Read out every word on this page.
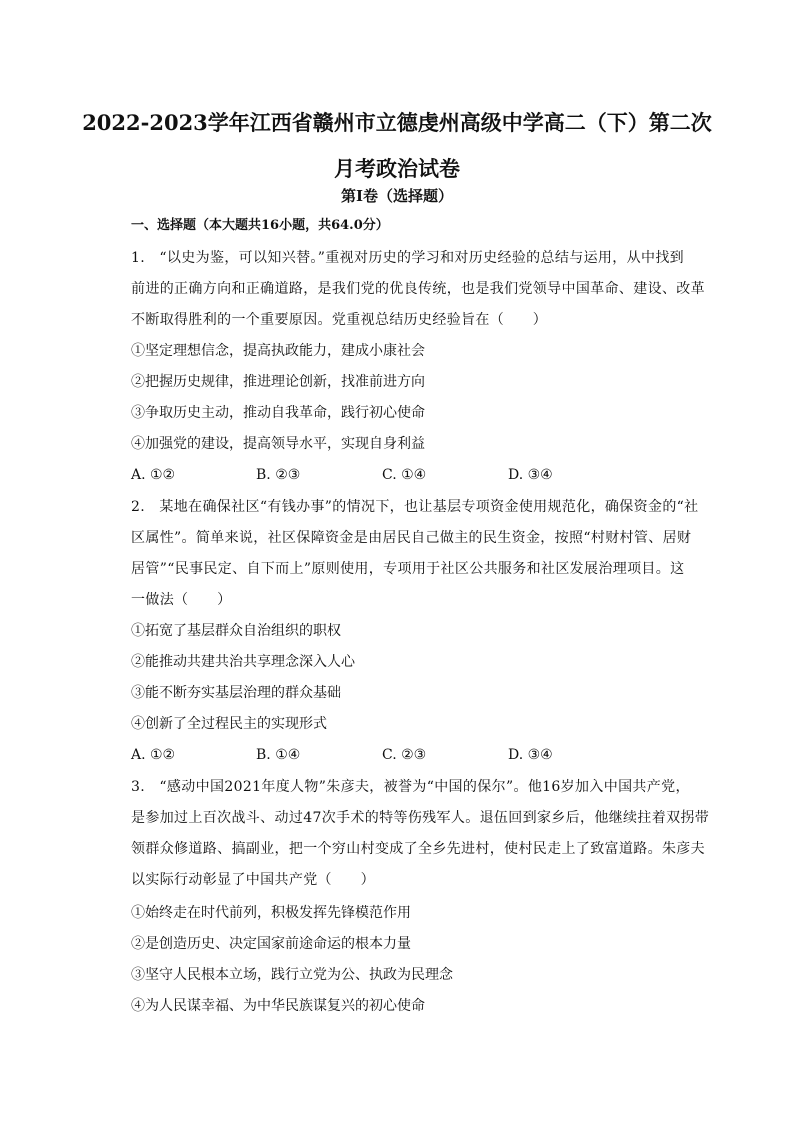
2022-2023学年江西省赣州市立德虔州高级中学高二（下）第二次月考政治试卷
第Ⅰ卷（选择题）
一、选择题（本大题共16小题，共64.0分）
1.　“以史为鉴，可以知兴替。”重视对历史的学习和对历史经验的总结与运用，从中找到
前进的正确方向和正确道路，是我们党的优良传统，也是我们党领导中国革命、建设、改革
不断取得胜利的一个重要原因。党重视总结历史经验旨在（　　）
①坚定理想信念，提高执政能力，建成小康社会
②把握历史规律，推进理论创新，找准前进方向
③争取历史主动，推动自我革命，践行初心使命
④加强党的建设，提高领导水平，实现自身利益
A. ①②	B. ②③	C. ①④	D. ③④
2.　某地在确保社区“有钱办事”的情况下，也让基层专项资金使用规范化，确保资金的“社
区属性”。简单来说，社区保障资金是由居民自己做主的民生资金，按照“村财村管、居财
居管”“民事民定、自下而上”原则使用，专项用于社区公共服务和社区发展治理项目。这
一做法（　　）
①拓宽了基层群众自治组织的职权
②能推动共建共治共享理念深入人心
③能不断夯实基层治理的群众基础
④创新了全过程民主的实现形式
A. ①②	B. ①④	C. ②③	D. ③④
3.　“感动中国2021年度人物”朱彦夫，被誉为“中国的保尔”。他16岁加入中国共产党，
是参加过上百次战斗、动过47次手术的特等伤残军人。退伍回到家乡后，他继续拄着双拐带
领群众修道路、搞副业，把一个穷山村变成了全乡先进村，使村民走上了致富道路。朱彦夫
以实际行动彰显了中国共产党（　　）
①始终走在时代前列，积极发挥先锋模范作用
②是创造历史、决定国家前途命运的根本力量
③坚守人民根本立场，践行立党为公、执政为民理念
④为人民谋幸福、为中华民族谋复兴的初心使命
